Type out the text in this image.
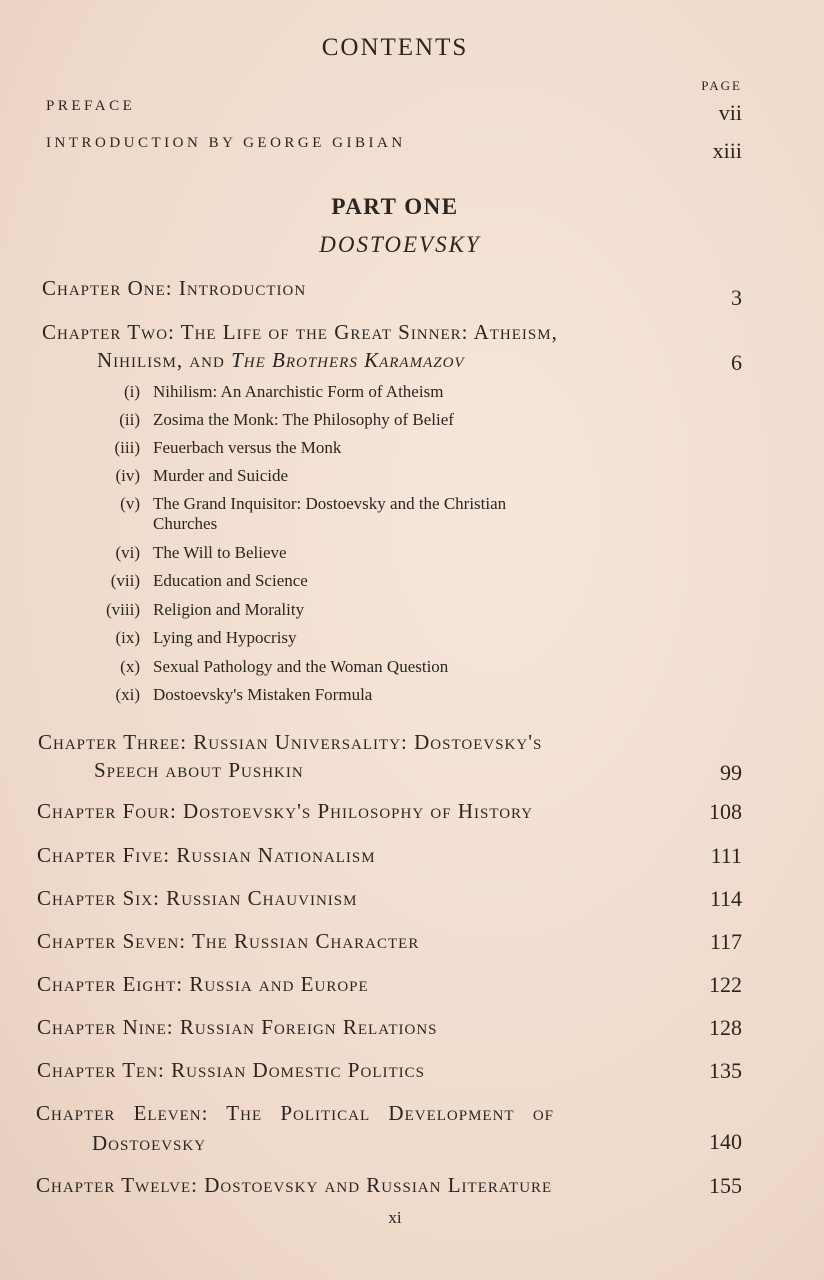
CONTENTS
PAGE
PREFACE	vii
INTRODUCTION BY GEORGE GIBIAN	xiii
PART ONE
DOSTOEVSKY
Chapter One: Introduction	3
Chapter Two: The Life of the Great Sinner: Atheism,
Nihilism, and The Brothers Karamazov	6
(i) Nihilism: An Anarchistic Form of Atheism
(ii) Zosima the Monk: The Philosophy of Belief
(iii) Feuerbach versus the Monk
(iv) Murder and Suicide
(v) The Grand Inquisitor: Dostoevsky and the Christian
Churches
(vi) The Will to Believe
(vii) Education and Science
(viii) Religion and Morality
(ix) Lying and Hypocrisy
(x) Sexual Pathology and the Woman Question
(xi) Dostoevsky's Mistaken Formula
Chapter Three: Russian Universality: Dostoevsky's
Speech about Pushkin	99
Chapter Four: Dostoevsky's Philosophy of History	108
Chapter Five: Russian Nationalism	111
Chapter Six: Russian Chauvinism	114
Chapter Seven: The Russian Character	117
Chapter Eight: Russia and Europe	122
Chapter Nine: Russian Foreign Relations	128
Chapter Ten: Russian Domestic Politics	135
Chapter Eleven: The Political Development of
Dostoevsky	140
Chapter Twelve: Dostoevsky and Russian Literature	155
xi
